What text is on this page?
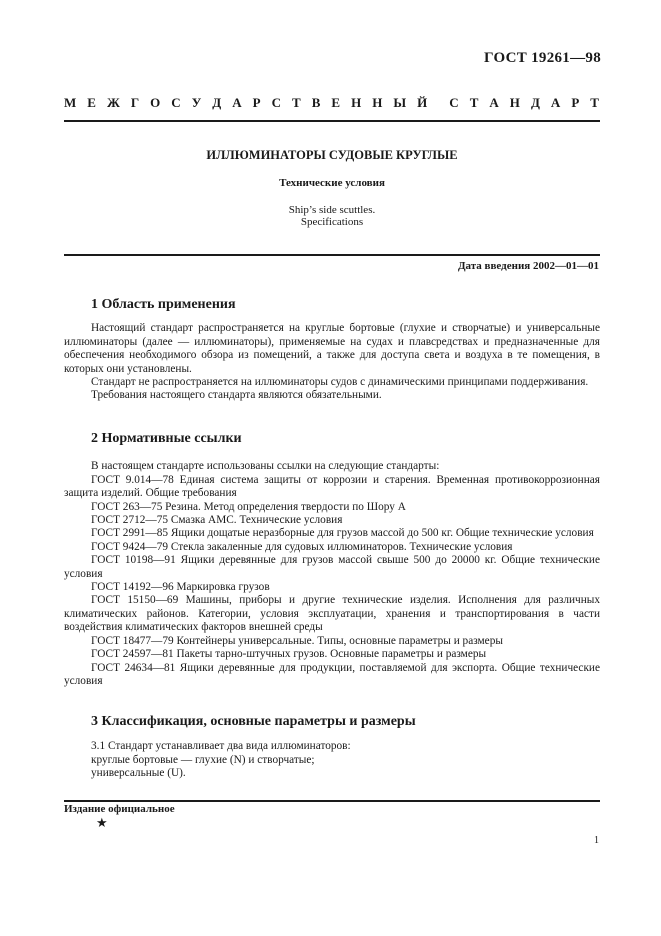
ГОСТ 19261—98
М Е Ж Г О С У Д А Р С Т В Е Н Н Ы Й С Т А Н Д А Р Т
ИЛЛЮМИНАТОРЫ СУДОВЫЕ КРУГЛЫЕ
Технические условия
Ship’s side scuttles.
Specifications
Дата введения 2002—01—01
1 Область применения

Настоящий стандарт распространяется на круглые бортовые (глухие и створчатые) и универсальные иллюминаторы (далее — иллюминаторы), применяемые на судах и плавсредствах и предназначенные для обеспечения необходимого обзора из помещений, а также для доступа света и воздуха в те помещения, в которых они установлены.

Стандарт не распространяется на иллюминаторы судов с динамическими принципами поддерживания.

Требования настоящего стандарта являются обязательными.

2 Нормативные ссылки

В настоящем стандарте использованы ссылки на следующие стандарты:

ГОСТ 9.014—78 Единая система защиты от коррозии и старения. Временная противокоррозионная защита изделий. Общие требования

ГОСТ 263—75 Резина. Метод определения твердости по Шору А

ГОСТ 2712—75 Смазка АМС. Технические условия

ГОСТ 2991—85 Ящики дощатые неразборные для грузов массой до 500 кг. Общие технические условия

ГОСТ 9424—79 Стекла закаленные для судовых иллюминаторов. Технические условия

ГОСТ 10198—91 Ящики деревянные для грузов массой свыше 500 до 20000 кг. Общие технические условия

ГОСТ 14192—96 Маркировка грузов

ГОСТ 15150—69 Машины, приборы и другие технические изделия. Исполнения для различных климатических районов. Категории, условия эксплуатации, хранения и транспортирования в части воздействия климатических факторов внешней среды

ГОСТ 18477—79 Контейнеры универсальные. Типы, основные параметры и размеры

ГОСТ 24597—81 Пакеты тарно-штучных грузов. Основные параметры и размеры

ГОСТ 24634—81 Ящики деревянные для продукции, поставляемой для экспорта. Общие технические условия

3 Классификация, основные параметры и размеры

3.1 Стандарт устанавливает два вида иллюминаторов:

круглые бортовые — глухие (N) и створчатые;

универсальные (U).

Издание официальное
★
1
